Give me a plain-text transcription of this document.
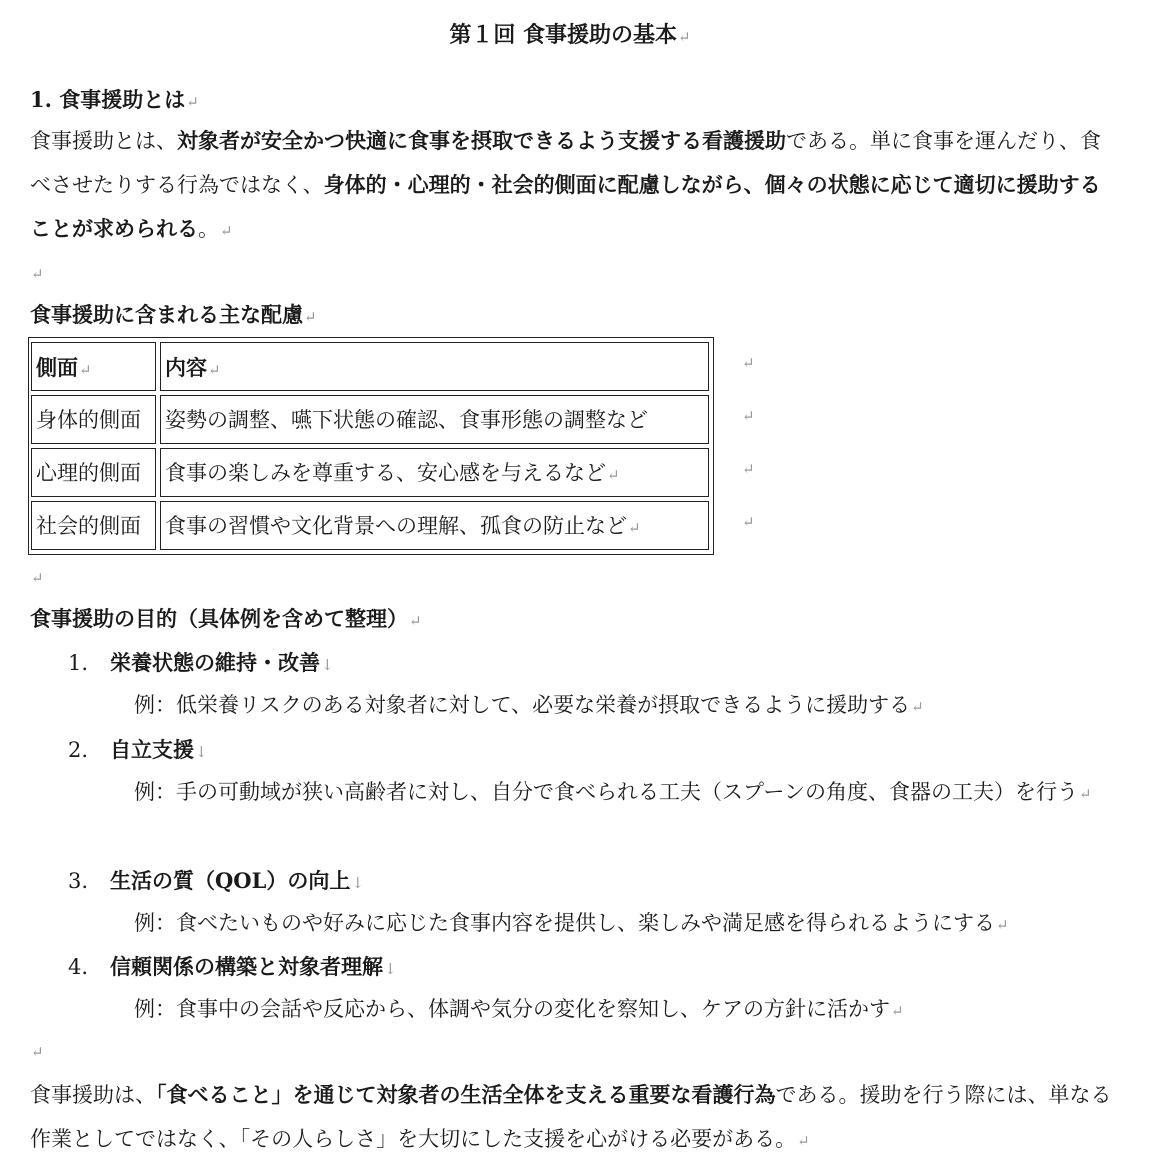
第１回 食事援助の基本↵
1. 食事援助とは↵
食事援助とは、対象者が安全かつ快適に食事を摂取できるよう支援する看護援助である。単に食事を運んだり、食べさせたりする行為ではなく、身体的・心理的・社会的側面に配慮しながら、個々の状態に応じて適切に援助することが求められる。↵
↵
食事援助に含まれる主な配慮↵
側面↵	内容↵	↵
身体的側面	姿勢の調整、嚥下状態の確認、食事形態の調整など	↵
心理的側面	食事の楽しみを尊重する、安心感を与えるなど↵	↵
社会的側面	食事の習慣や文化背景への理解、孤食の防止など↵	↵
↵
食事援助の目的（具体例を含めて整理）↵
1. 栄養状態の維持・改善↓
例：低栄養リスクのある対象者に対して、必要な栄養が摂取できるように援助する↵
2. 自立支援↓
例：手の可動域が狭い高齢者に対し、自分で食べられる工夫（スプーンの角度、食器の工夫）を行う↵
3. 生活の質（QOL）の向上↓
例：食べたいものや好みに応じた食事内容を提供し、楽しみや満足感を得られるようにする↵
4. 信頼関係の構築と対象者理解↓
例：食事中の会話や反応から、体調や気分の変化を察知し、ケアの方針に活かす↵
↵
食事援助は、「食べること」を通じて対象者の生活全体を支える重要な看護行為である。援助を行う際には、単なる作業としてではなく、「その人らしさ」を大切にした支援を心がける必要がある。↵
